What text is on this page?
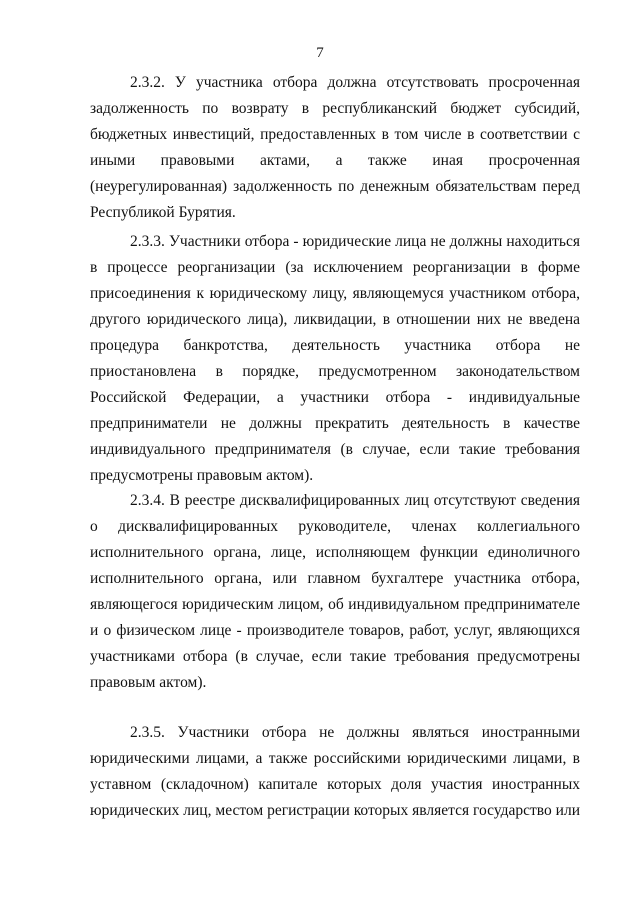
7

2.3.2. У участника отбора должна отсутствовать просроченная задолженность по возврату в республиканский бюджет субсидий, бюджетных инвестиций, предоставленных в том числе в соответствии с иными правовыми актами, а также иная просроченная (неурегулированная) задолженность по денежным обязательствам перед Республикой Бурятия.

2.3.3. Участники отбора - юридические лица не должны находиться в процессе реорганизации (за исключением реорганизации в форме присоединения к юридическому лицу, являющемуся участником отбора, другого юридического лица), ликвидации, в отношении них не введена процедура банкротства, деятельность участника отбора не приостановлена в порядке, предусмотренном законодательством Российской Федерации, а участники отбора - индивидуальные предприниматели не должны прекратить деятельность в качестве индивидуального предпринимателя (в случае, если такие требования предусмотрены правовым актом).

2.3.4. В реестре дисквалифицированных лиц отсутствуют сведения о дисквалифицированных руководителе, членах коллегиального исполнительного органа, лице, исполняющем функции единоличного исполнительного органа, или главном бухгалтере участника отбора, являющегося юридическим лицом, об индивидуальном предпринимателе и о физическом лице - производителе товаров, работ, услуг, являющихся участниками отбора (в случае, если такие требования предусмотрены правовым актом).

2.3.5. Участники отбора не должны являться иностранными юридическими лицами, а также российскими юридическими лицами, в уставном (складочном) капитале которых доля участия иностранных юридических лиц, местом регистрации которых является государство или
